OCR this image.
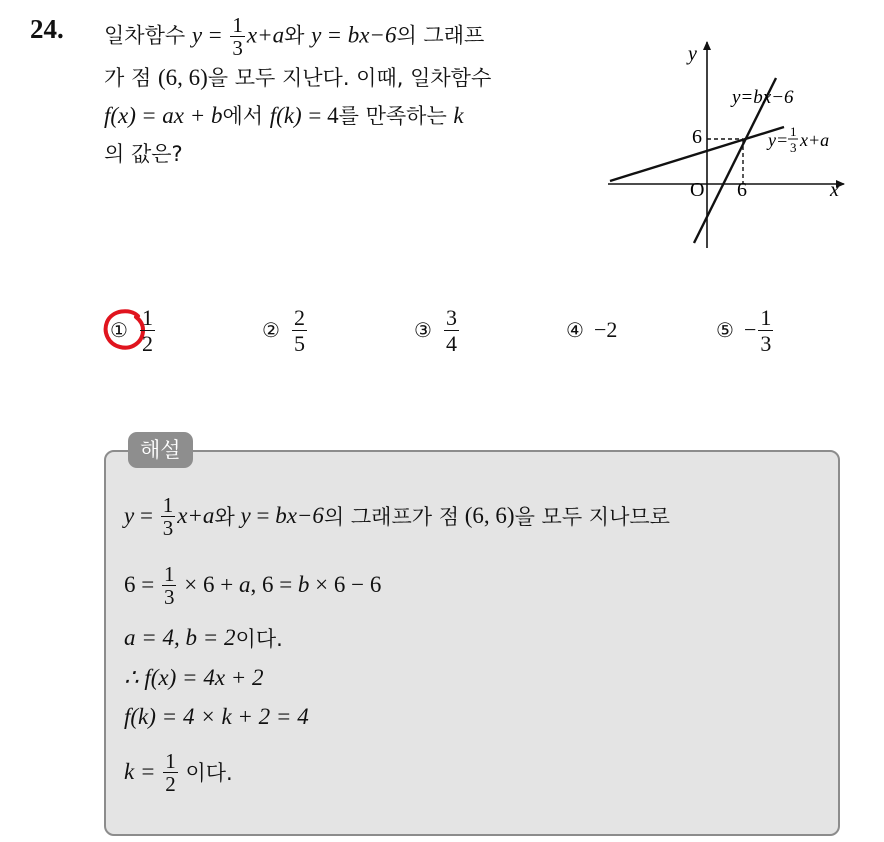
24. 일차함수 $y = \frac{1}{3} x+a$와 y = bx−6의 그래프
가 점 (6, 6)을 모두 지난다. 이때, 일차함수
f(x) = ax + b에서 f(k) = 4를 만족하는 k
의 값은?
y
x
O 6
6
y=bx−6
y= 1
3 x+a
① $\frac{1}{2}$	② $\frac{2}{5}$	③ $\frac{3}{4}$	④ −2	⑤ − $\frac{1}{3}$
해설
y
=
$\frac{1}{3} x+a$ 와
y
=
bx−6 의 그래프가 점
(6, 6) 을 모두 지나므로
6 =
$\frac{1}{3}$
× 6 +
a , 6 =
b
× 6 − 6
a = 4, b = 2 이다.
∴ f(x) = 4x + 2
f(k) = 4 × k + 2 = 4
k =
$\frac{1}{2}$
이다.
